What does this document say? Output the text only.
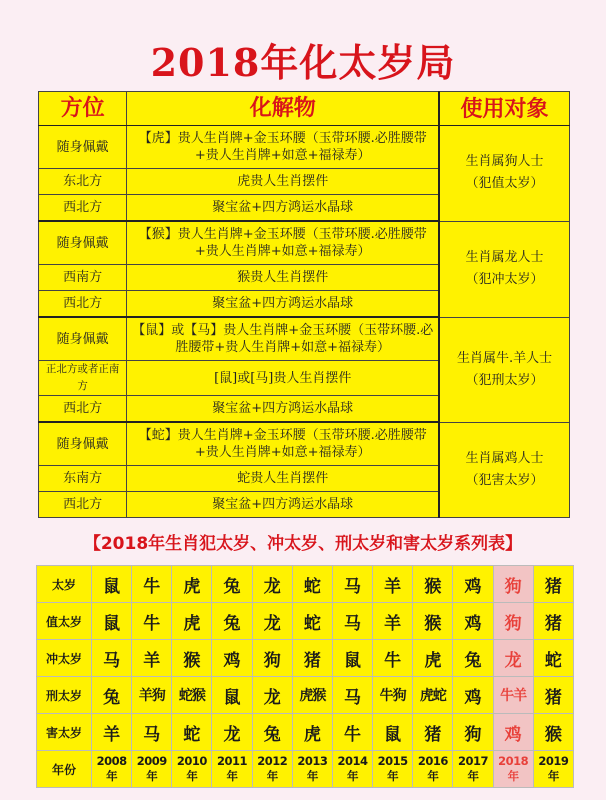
2018年化太岁局
方位	化解物	使用对象
随身佩戴	【虎】贵人生肖牌+金玉环腰（玉带环腰.必胜腰带+贵人生肖牌+如意+福禄寿）	生肖属狗人士
（犯值太岁）

东北方	虎贵人生肖摆件	
西北方	聚宝盆+四方鸿运水晶球	
随身佩戴	【猴】贵人生肖牌+金玉环腰（玉带环腰.必胜腰带+贵人生肖牌+如意+福禄寿）	生肖属龙人士
（犯冲太岁）

西南方	猴贵人生肖摆件	
西北方	聚宝盆+四方鸿运水晶球	
随身佩戴	【鼠】或【马】贵人生肖牌+金玉环腰（玉带环腰.必胜腰带+贵人生肖牌+如意+福禄寿）	生肖属牛.羊人士
（犯刑太岁）

正北方或者正南方	[鼠]或[马]贵人生肖摆件	
西北方	聚宝盆+四方鸿运水晶球	
随身佩戴	【蛇】贵人生肖牌+金玉环腰（玉带环腰.必胜腰带+贵人生肖牌+如意+福禄寿）	生肖属鸡人士
（犯害太岁）

东南方	蛇贵人生肖摆件	
西北方	聚宝盆+四方鸿运水晶球	
【2018年生肖犯太岁、冲太岁、刑太岁和害太岁系列表】
太岁	鼠	牛	虎	兔	龙	蛇	马	羊	猴	鸡	狗	猪
值太岁	鼠	牛	虎	兔	龙	蛇	马	羊	猴	鸡	狗	猪
冲太岁	马	羊	猴	鸡	狗	猪	鼠	牛	虎	兔	龙	蛇
刑太岁	兔	羊狗	蛇猴	鼠	龙	虎猴	马	牛狗	虎蛇	鸡	牛羊	猪
害太岁	羊	马	蛇	龙	兔	虎	牛	鼠	猪	狗	鸡	猴
年份	2008年	2009年	2010年	2011年	2012年	2013年	2014年	2015年	2016年	2017年	2018年	2019年
